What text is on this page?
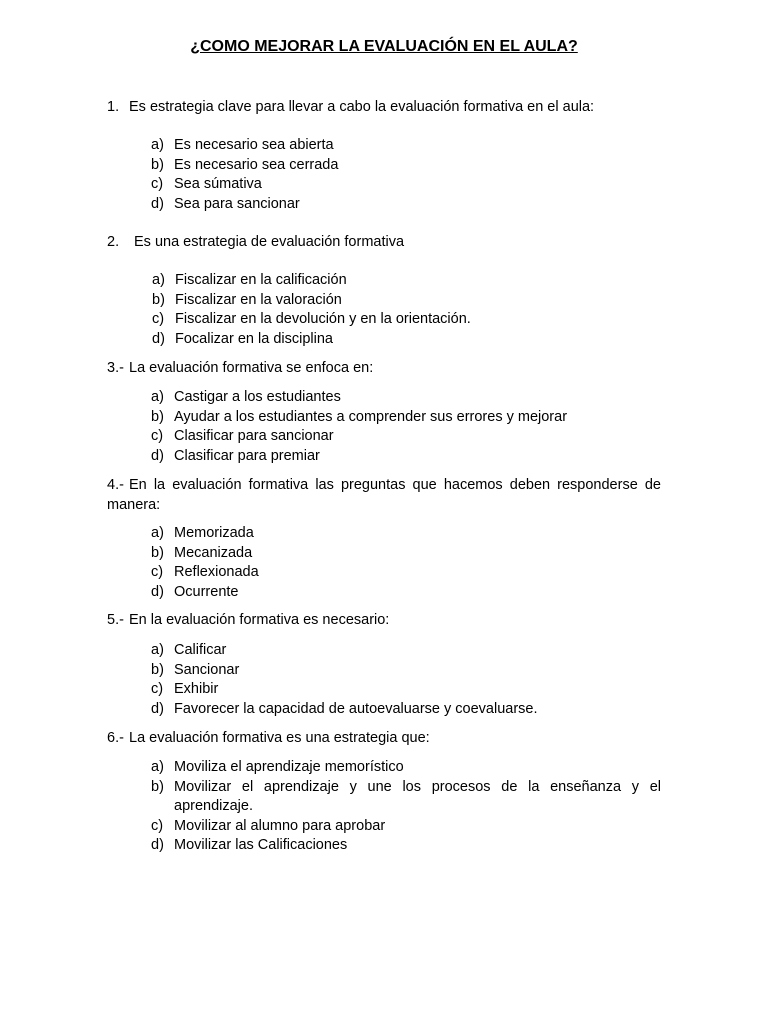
¿COMO MEJORAR LA EVALUACIÓN EN EL AULA?
1. Es estrategia clave para llevar a cabo la evaluación formativa en el aula:
a) Es necesario sea abierta
b) Es necesario sea cerrada
c) Sea súmativa
d) Sea para sancionar
2. Es una estrategia de evaluación formativa
a) Fiscalizar en la calificación
b) Fiscalizar en la valoración
c) Fiscalizar en la devolución y en la orientación.
d) Focalizar en la disciplina
3.- La evaluación formativa se enfoca en:
a) Castigar a los estudiantes
b) Ayudar a los estudiantes a comprender sus errores y mejorar
c) Clasificar para sancionar
d) Clasificar para premiar
4.- En la evaluación formativa las preguntas que hacemos deben responderse de manera:
a) Memorizada
b) Mecanizada
c) Reflexionada
d) Ocurrente
5.- En la evaluación formativa es necesario:
a) Calificar
b) Sancionar
c) Exhibir
d) Favorecer la capacidad de autoevaluarse y coevaluarse.
6.- La evaluación formativa es una estrategia que:
a) Moviliza el aprendizaje memorístico
b) Movilizar el aprendizaje y une los procesos de la enseñanza y el aprendizaje.
c) Movilizar al alumno para aprobar
d) Movilizar las Calificaciones
